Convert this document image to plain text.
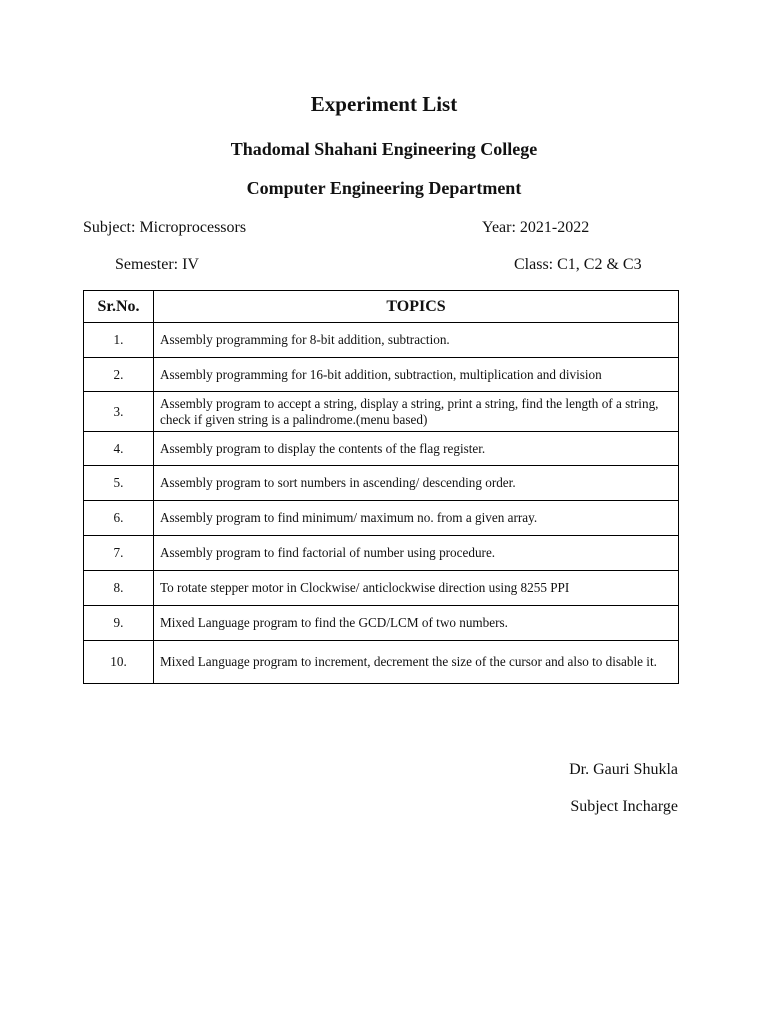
Experiment List
Thadomal Shahani Engineering College
Computer Engineering Department
Subject: Microprocessors	Year: 2021-2022
Semester: IV	Class: C1, C2 & C3
Sr.No.	TOPICS
1.	Assembly programming for 8-bit addition, subtraction.
2.	Assembly programming for 16-bit addition, subtraction, multiplication and division
3.	Assembly program to accept a string, display a string, print a string, find the length of a string, check if given string is a palindrome.(menu based)
4.	Assembly program to display the contents of the flag register.
5.	Assembly program to sort numbers in ascending/ descending order.
6.	Assembly program to find minimum/ maximum no. from a given array.
7.	Assembly program to find factorial of number using procedure.
8.	To rotate stepper motor in Clockwise/ anticlockwise direction using 8255 PPI
9.	Mixed Language program to find the GCD/LCM of two numbers.
10.	Mixed Language program to increment, decrement the size of the cursor and also to disable it.
Dr. Gauri Shukla
Subject Incharge
